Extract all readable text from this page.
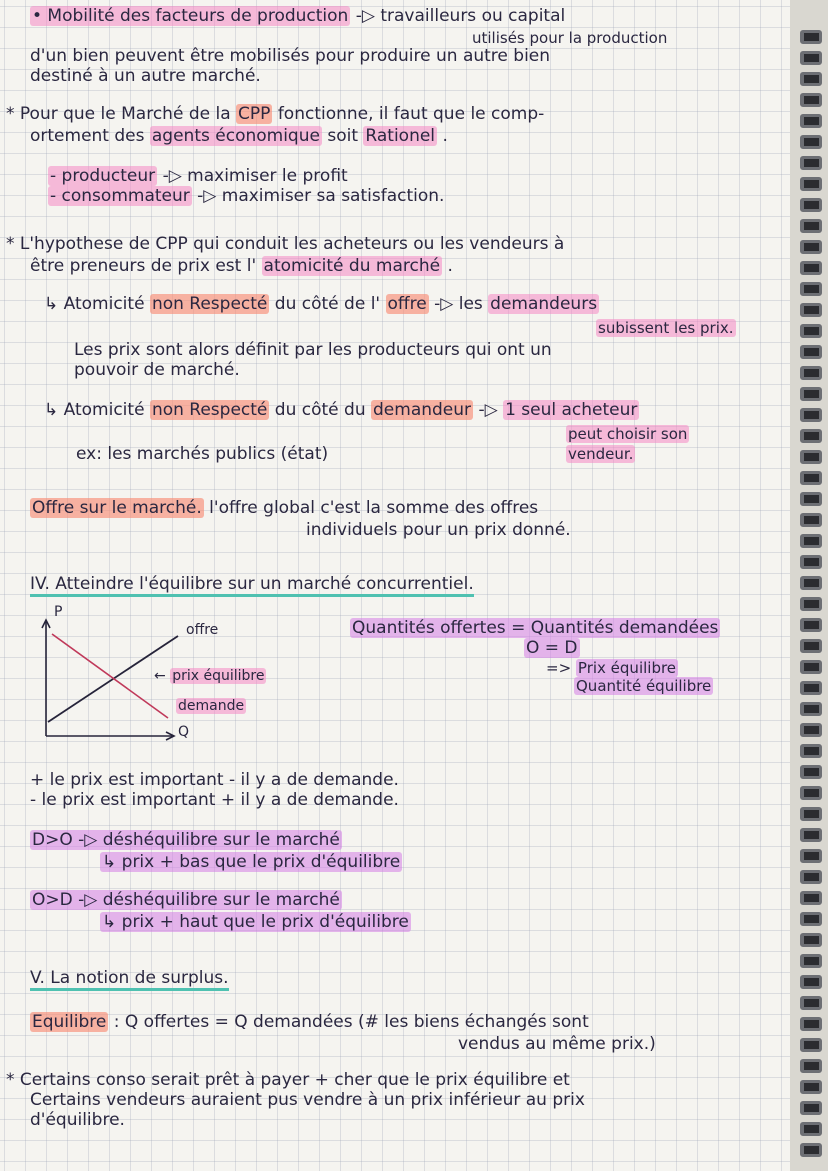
• Mobilité des facteurs de production -▷ travailleurs ou capital
utilisés pour la production
d'un bien peuvent être mobilisés pour produire un autre bien
destiné à un autre marché.
* Pour que le Marché de la CPP fonctionne, il faut que le comp-
ortement des agents économique soit Rationel .
- producteur -▷ maximiser le profit
- consommateur -▷ maximiser sa satisfaction.
* L'hypothese de CPP qui conduit les acheteurs ou les vendeurs à
être preneurs de prix est l' atomicité du marché .
↳ Atomicité non Respecté du côté de l' offre -▷ les demandeurs
subissent les prix.
Les prix sont alors définit par les producteurs qui ont un
pouvoir de marché.
↳ Atomicité non Respecté du côté du demandeur -▷ 1 seul acheteur
peut choisir son
ex: les marchés publics (état)	vendeur.
Offre sur le marché. l'offre global c'est la somme des offres
individuels pour un prix donné.
IV. Atteindre l'équilibre sur un marché concurrentiel.
P
Q
offre
← prix équilibre
demande
Quantités offertes = Quantités demandées
O = D
=> Prix équilibre
Quantité équilibre
+ le prix est important - il y a de demande.
- le prix est important + il y a de demande.
D>O -▷ déshéquilibre sur le marché
↳ prix + bas que le prix d'équilibre
O>D -▷ déshéquilibre sur le marché
↳ prix + haut que le prix d'équilibre
V. La notion de surplus.
Equilibre : Q offertes = Q demandées (# les biens échangés sont
vendus au même prix.)
* Certains conso serait prêt à payer + cher que le prix équilibre et
Certains vendeurs auraient pus vendre à un prix inférieur au prix
d'équilibre.
